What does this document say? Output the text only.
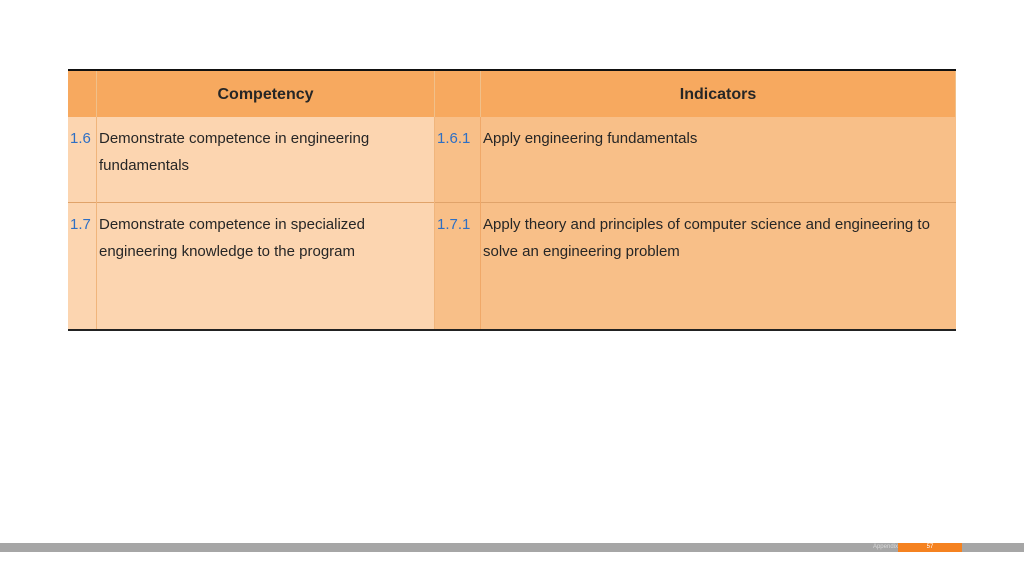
	Competency		Indicators
1.6	Demonstrate competence in engineering fundamentals	1.6.1	Apply engineering fundamentals
1.7	Demonstrate competence in specialized engineering knowledge to the program	1.7.1	Apply theory and principles of computer science and engineering to solve an engineering problem
Appendix	57
